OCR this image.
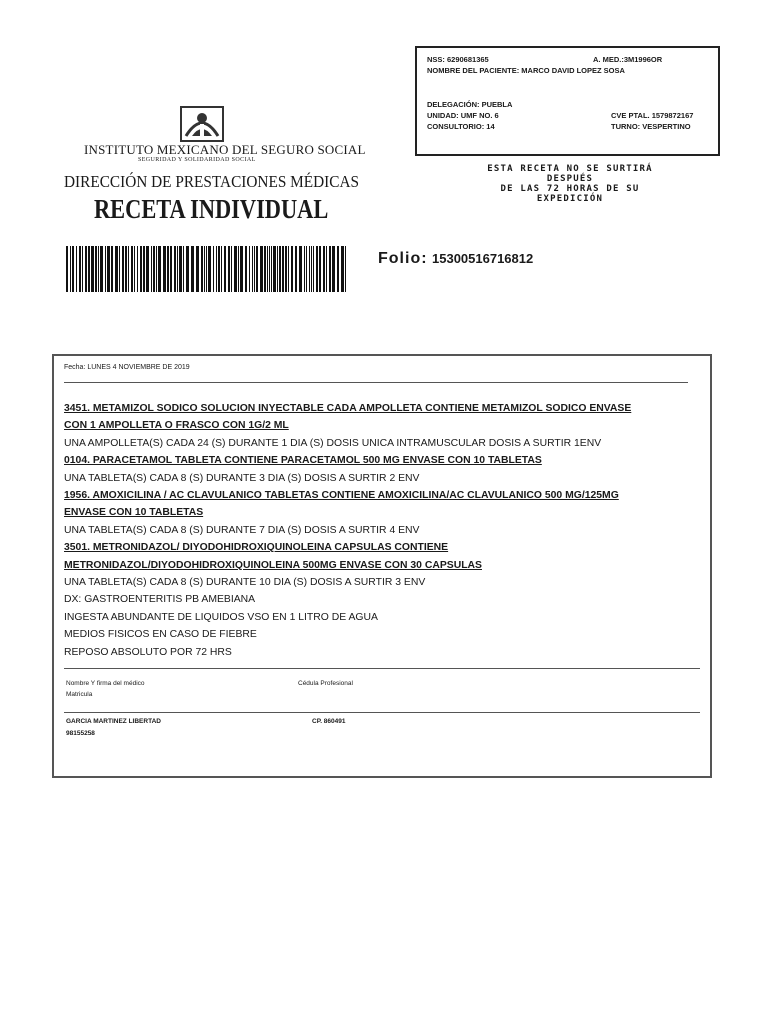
INSTITUTO MEXICANO DEL SEGURO SOCIAL
SEGURIDAD Y SOLIDARIDAD SOCIAL
DIRECCIÓN DE PRESTACIONES MÉDICAS
RECETA INDIVIDUAL
NSS: 6290681365	A. MED.:3M1996OR
NOMBRE DEL PACIENTE: MARCO DAVID LOPEZ SOSA
DELEGACIÓN: PUEBLA
UNIDAD: UMF NO. 6	CVE PTAL. 1579872167
CONSULTORIO: 14	TURNO: VESPERTINO
ESTA RECETA NO SE SURTIRÁ
DESPUÉS
DE LAS 72 HORAS DE SU
EXPEDICIÓN
Folio: 15300516716812
Fecha: LUNES 4 NOVIEMBRE DE 2019
3451. METAMIZOL SODICO SOLUCION INYECTABLE CADA AMPOLLETA CONTIENE METAMIZOL SODICO ENVASE
CON 1 AMPOLLETA O FRASCO CON 1G/2 ML
UNA AMPOLLETA(S) CADA 24 (S) DURANTE 1 DIA (S) DOSIS UNICA INTRAMUSCULAR DOSIS A SURTIR 1ENV
0104. PARACETAMOL TABLETA CONTIENE PARACETAMOL 500 MG ENVASE CON 10 TABLETAS
UNA TABLETA(S) CADA 8 (S) DURANTE 3 DIA (S) DOSIS A SURTIR 2 ENV
1956. AMOXICILINA / AC CLAVULANICO TABLETAS CONTIENE AMOXICILINA/AC CLAVULANICO 500 MG/125MG
ENVASE CON 10 TABLETAS
UNA TABLETA(S) CADA 8 (S) DURANTE 7 DIA (S) DOSIS A SURTIR 4 ENV
3501. METRONIDAZOL/ DIYODOHIDROXIQUINOLEINA CAPSULAS CONTIENE
METRONIDAZOL/DIYODOHIDROXIQUINOLEINA 500MG ENVASE CON 30 CAPSULAS
UNA TABLETA(S) CADA 8 (S) DURANTE 10 DIA (S) DOSIS A SURTIR 3 ENV
DX: GASTROENTERITIS PB AMEBIANA
INGESTA ABUNDANTE DE LIQUIDOS VSO EN 1 LITRO DE AGUA
MEDIOS FISICOS EN CASO DE FIEBRE
REPOSO ABSOLUTO POR 72 HRS
Nombre Y firma del médico	Cédula Profesional
Matricula
GARCIA MARTINEZ LIBERTAD	CP. 860491
98155258
